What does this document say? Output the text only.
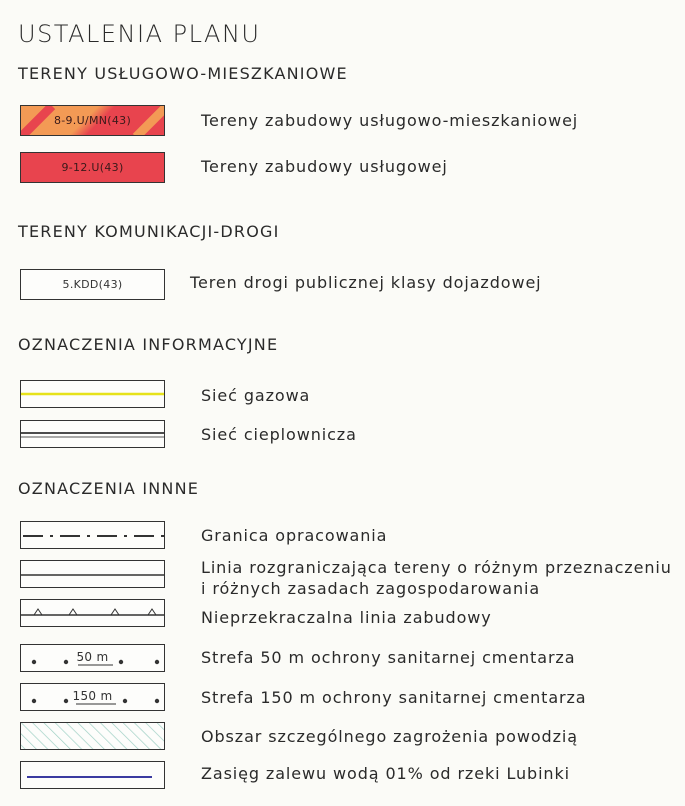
USTALENIA PLANU
TERENY USŁUGOWO-MIESZKANIOWE
8-9.U/MN(43)	Tereny zabudowy usługowo-mieszkaniowej
9-12.U(43)	Tereny zabudowy usługowej
TERENY KOMUNIKACJI-DROGI
5.KDD(43)	Teren drogi publicznej klasy dojazdowej
OZNACZENIA INFORMACYJNE
Sieć gazowa
Sieć cieplownicza
OZNACZENIA INNNE
Granica opracowania
Linia rozgraniczająca tereny o różnym przeznaczeniu
i różnych zasadach zagospodarowania
Nieprzekraczalna linia zabudowy
50 m	Strefa 50 m ochrony sanitarnej cmentarza
150 m	Strefa 150 m ochrony sanitarnej cmentarza
Obszar szczególnego zagrożenia powodzią
Zasięg zalewu wodą 01% od rzeki Lubinki
